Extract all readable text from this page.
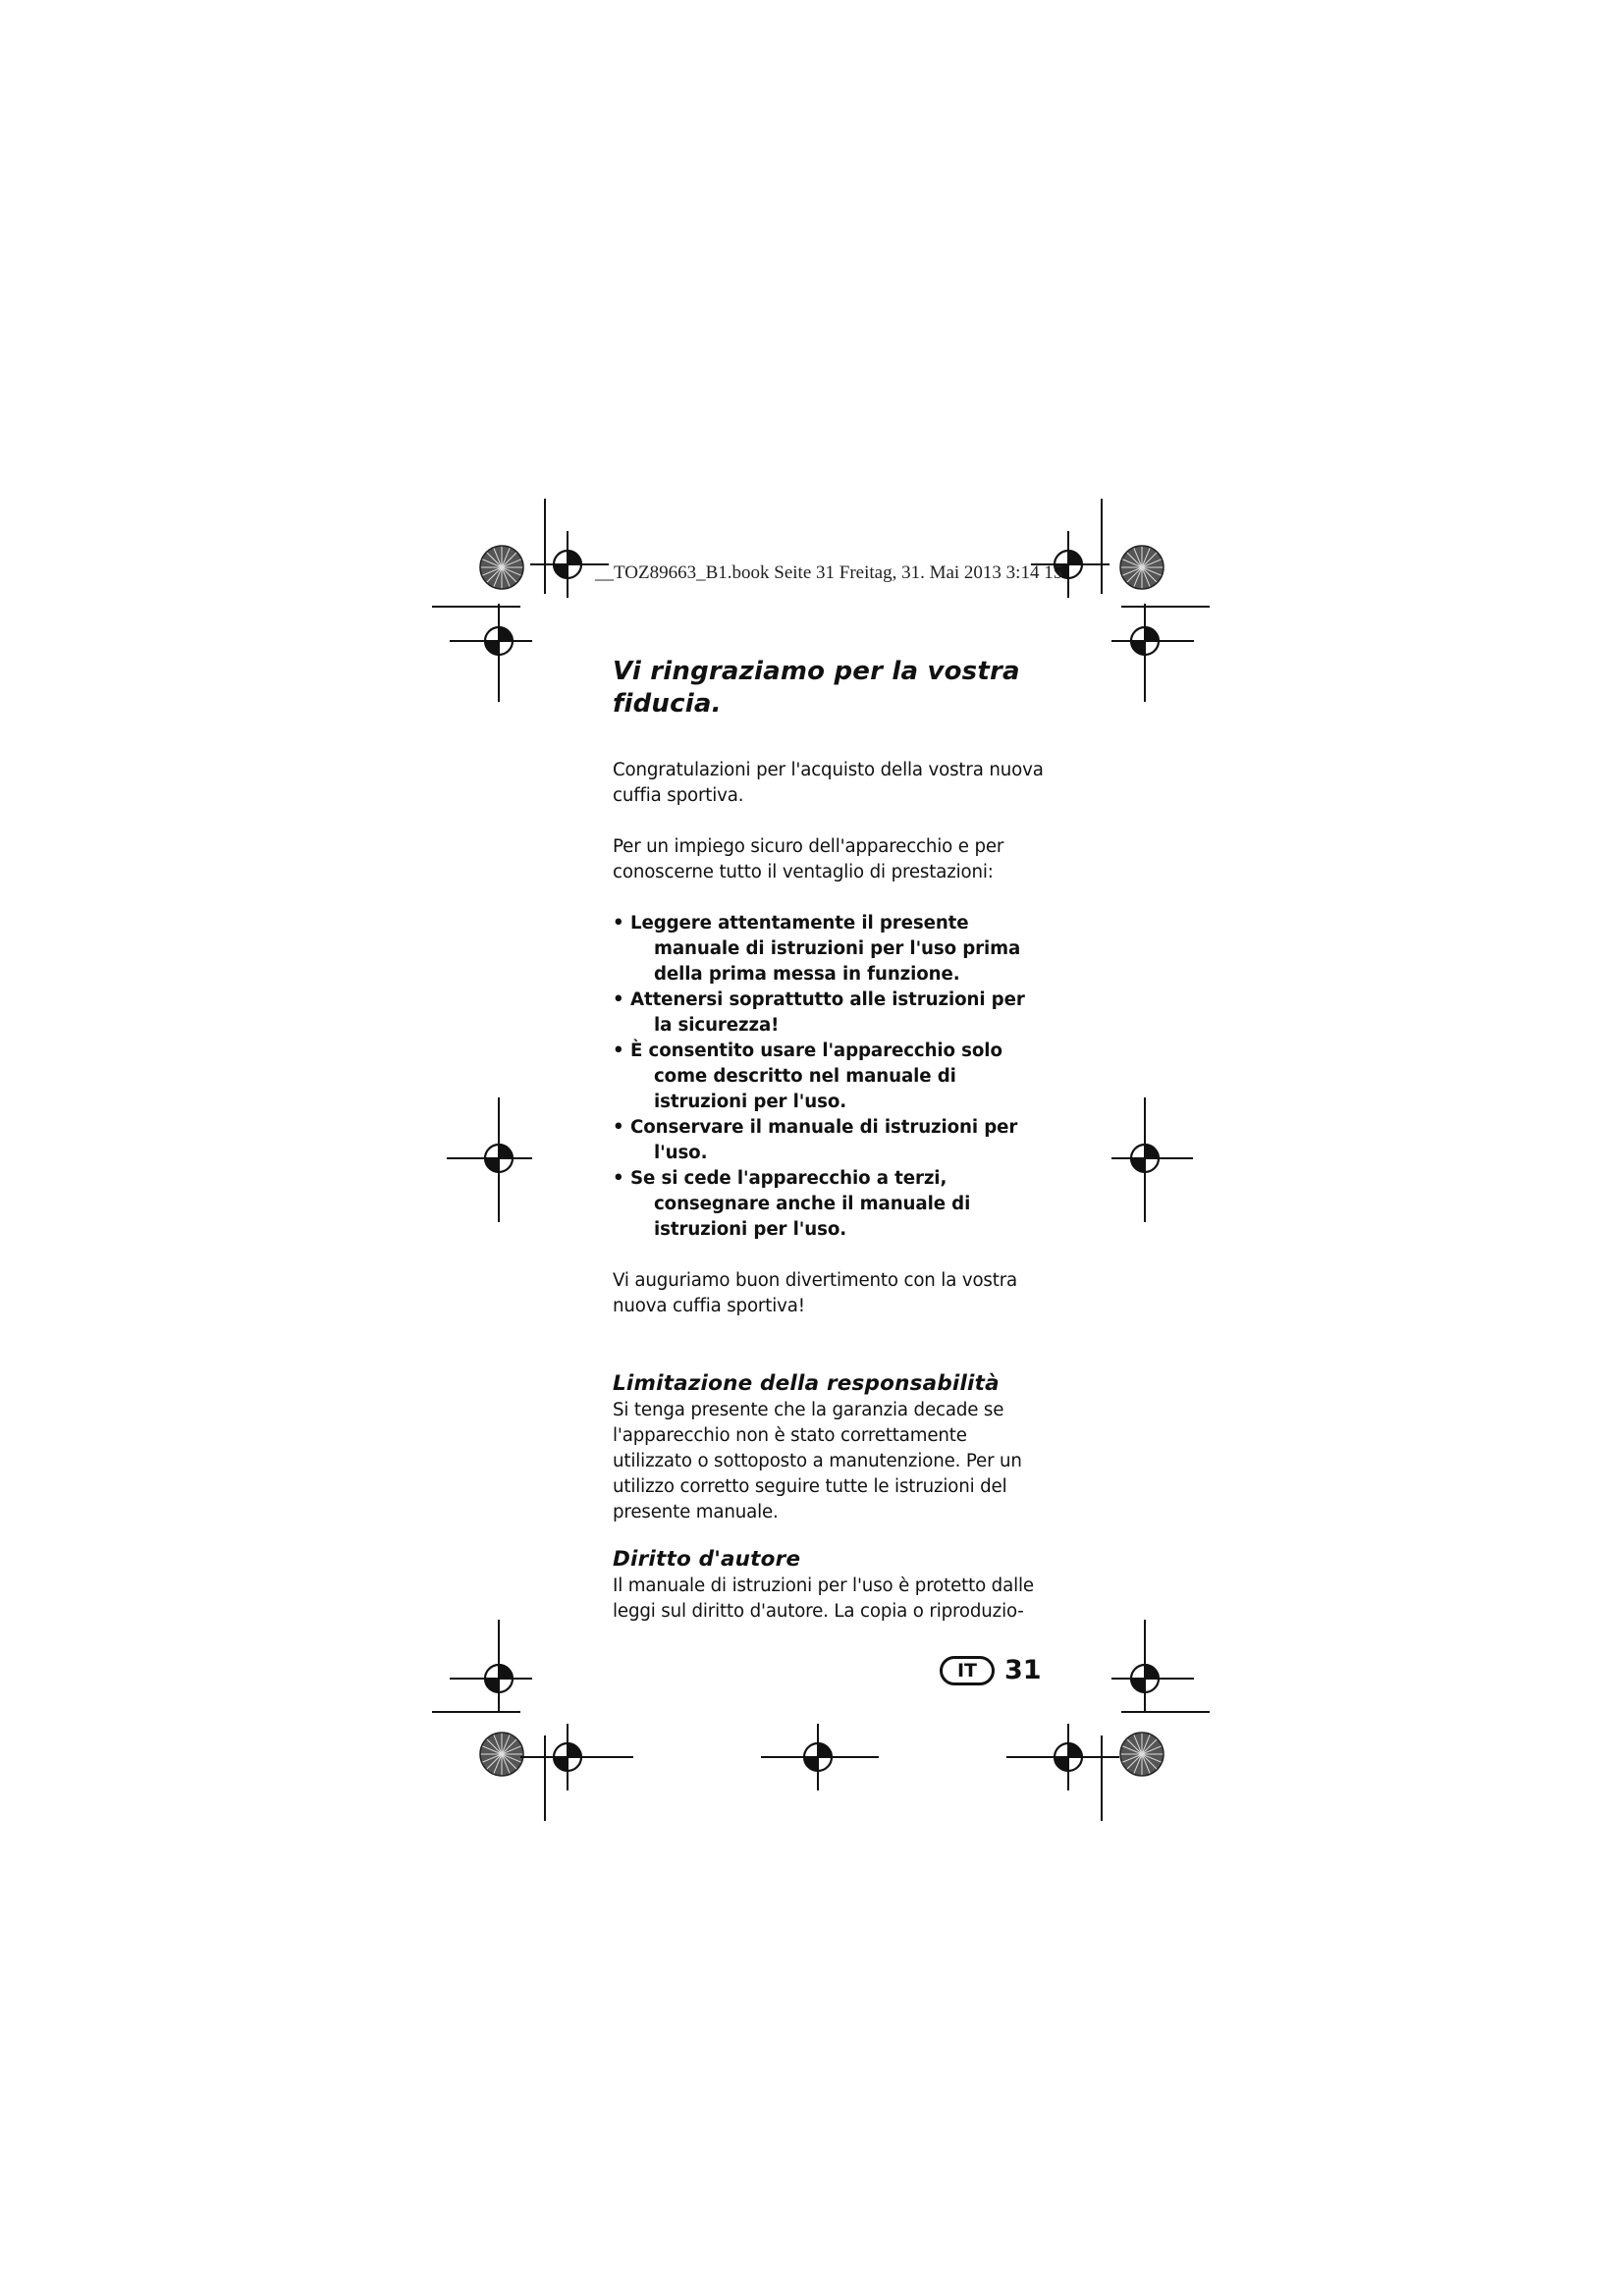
__TOZ89663_B1.book Seite 31 Freitag, 31. Mai 2013 3:14 15
Vi ringraziamo per la vostra fiducia.

Congratulazioni per l'acquisto della vostra nuova cuffia sportiva.

Per un impiego sicuro dell'apparecchio e per conoscerne tutto il ventaglio di prestazioni:

• Leggere attentamente il presente manuale di istruzioni per l'uso prima della prima messa in funzione.
• Attenersi soprattutto alle istruzioni per la sicurezza!
• È consentito usare l'apparecchio solo come descritto nel manuale di istruzioni per l'uso.
• Conservare il manuale di istruzioni per l'uso.
• Se si cede l'apparecchio a terzi, consegnare anche il manuale di istruzioni per l'uso.

Vi auguriamo buon divertimento con la vostra nuova cuffia sportiva!

Limitazione della responsabilità

Si tenga presente che la garanzia decade se l'apparecchio non è stato correttamente utilizzato o sottoposto a manutenzione. Per un utilizzo corretto seguire tutte le istruzioni del presente manuale.

Diritto d'autore

Il manuale di istruzioni per l'uso è protetto dalle leggi sul diritto d'autore. La copia o riproduzio-

IT	31
